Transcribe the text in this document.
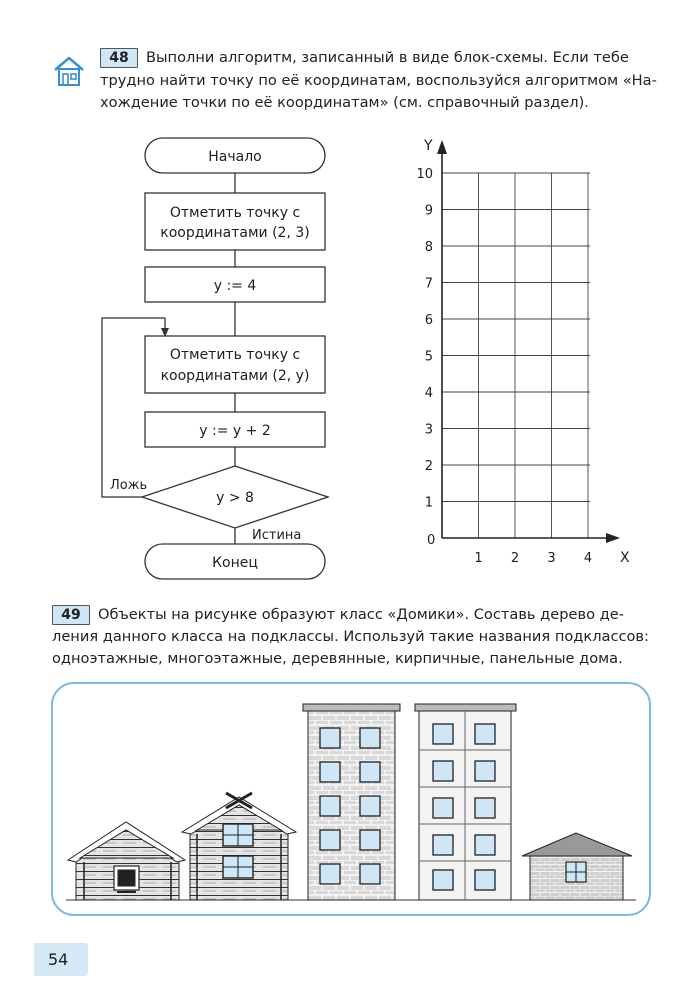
48	Выполни алгоритм, записанный в виде блок-схемы. Если тебе
трудно найти точку по её координатам, воспользуйся алгоритмом «На-
хождение точки по её координатам» (см. справочный раздел).
Начало
Отметить точку с
координатами (2, 3)
y := 4
Отметить точку с
координатами (2, y)
y := y + 2
y > 8
Ложь
Истина
Конец
Y
X
0
1
2
3
4
5
6
7
8
9
10
1 2 3 4
49	Объекты на рисунке образуют класс «Домики». Составь дерево де-
ления данного класса на подклассы. Используй такие названия подклассов:
одноэтажные, многоэтажные, деревянные, кирпичные, панельные дома.
54
